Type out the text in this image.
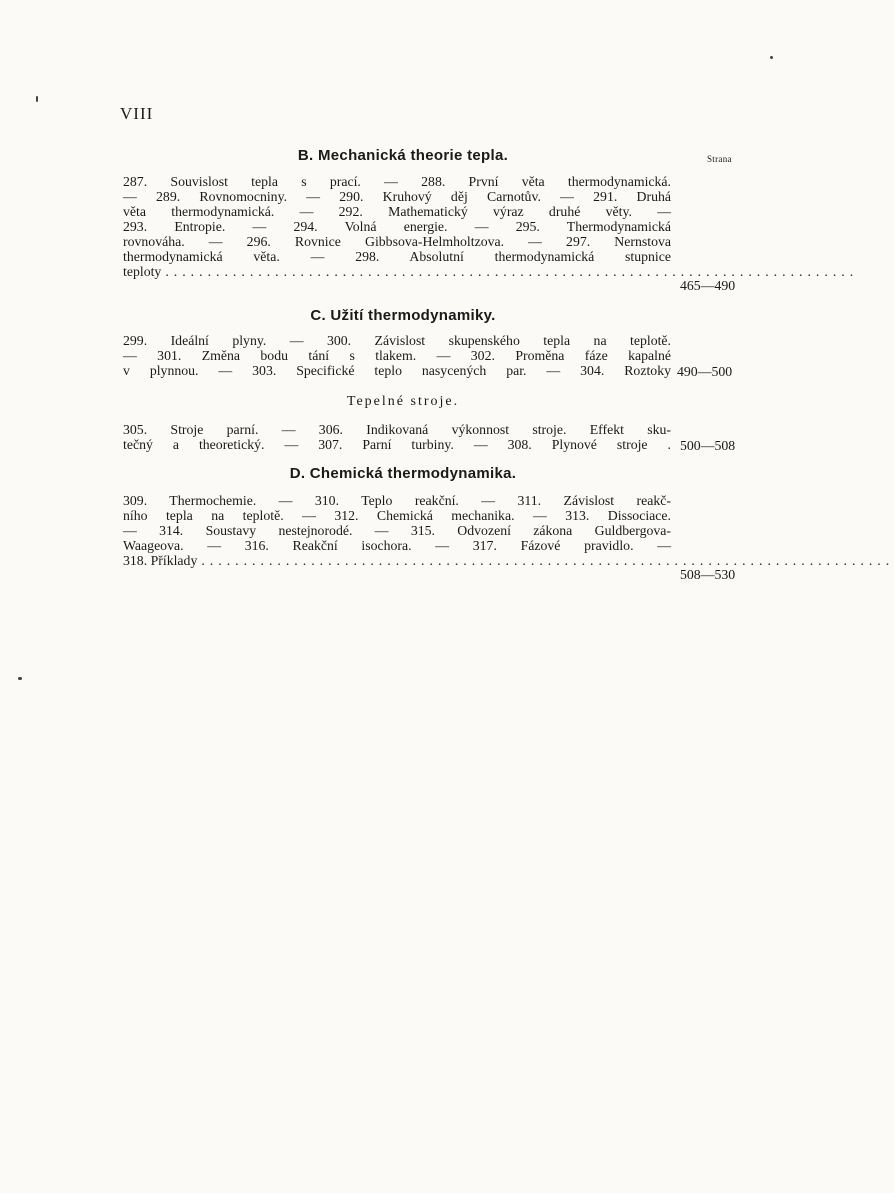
VIII
Strana
B. Mechanická theorie tepla.
287. Souvislost tepla s prací. — 288. První věta thermodynamická.
— 289. Rovnomocniny. — 290. Kruhový děj Carnotův. — 291. Druhá
věta thermodynamická. — 292. Mathematický výraz druhé věty. —
293. Entropie. — 294. Volná energie. — 295. Thermodynamická
rovnováha. — 296. Rovnice Gibbsova-Helmholtzova. — 297. Nernstova
thermodynamická věta. — 298. Absolutní thermodynamická stupnice
teploty ..................................................................................
465—490
C. Užití thermodynamiky.
299. Ideální plyny. — 300. Závislost skupenského tepla na teplotě.
— 301. Změna bodu tání s tlakem. — 302. Proměna fáze kapalné
v plynnou. — 303. Specifické teplo nasycených par. — 304. Roztoky 490—500
Tepelné stroje.
305. Stroje parní. — 306. Indikovaná výkonnost stroje. Effekt sku-
tečný a theoretický. — 307. Parní turbiny. — 308. Plynové stroje . 500—508
D. Chemická thermodynamika.
309. Thermochemie. — 310. Teplo reakční. — 311. Závislost reakč-
ního tepla na teplotě. — 312. Chemická mechanika. — 313. Dissociace.
— 314. Soustavy nestejnorodé. — 315. Odvození zákona Guldbergova-
Waageova. — 316. Reakční isochora. — 317. Fázové pravidlo. —
318. Příklady ..................................................................................
508—530
